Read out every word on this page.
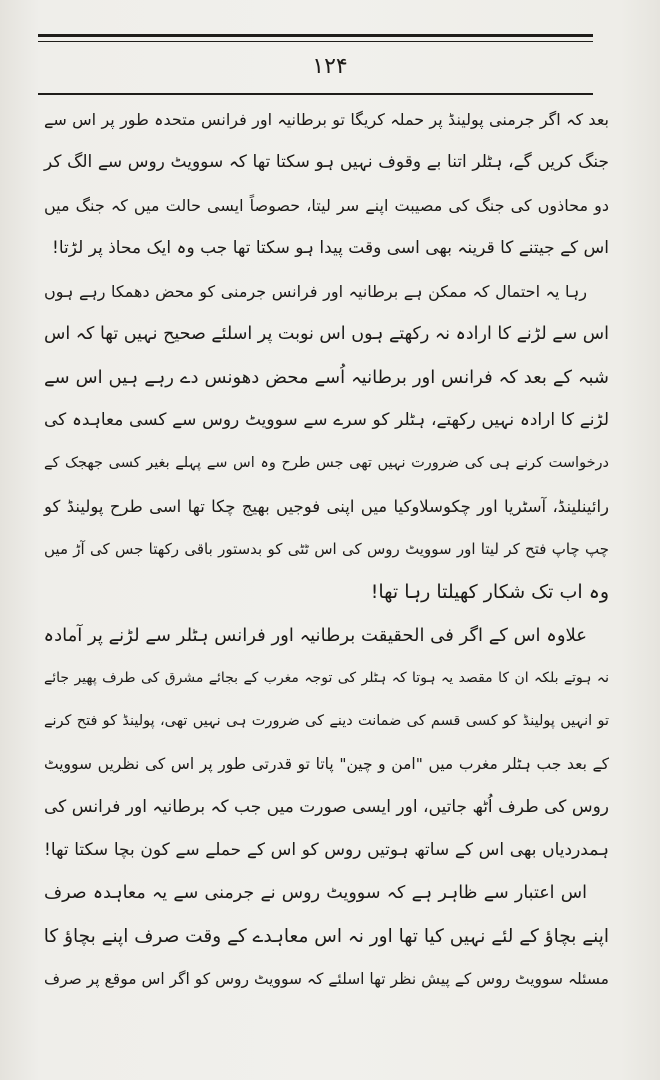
۱۲۴
بعد کہ اگر جرمنی پولینڈ پر حملہ کریگا تو برطانیہ اور فرانس متحدہ طور پر اس سے
جنگ کریں گے، ہٹلر اتنا بے وقوف نہیں ہو سکتا تھا کہ سوویٹ روس سے الگ کر
دو محاذوں کی جنگ کی مصیبت اپنے سر لیتا، حصوصاً ایسی حالت میں کہ جنگ میں
اس کے جیتنے کا قرینہ بھی اسی وقت پیدا ہو سکتا تھا جب وہ ایک محاذ پر لڑتا!
رہا یہ احتمال کہ ممکن ہے برطانیہ اور فرانس جرمنی کو محض دھمکا رہے ہوں
اس سے لڑنے کا ارادہ نہ رکھتے ہوں اس نوبت پر اسلئے صحیح نہیں تھا کہ اس
شبہ کے بعد کہ فرانس اور برطانیہ اُسے محض دھونس دے رہے ہیں اس سے
لڑنے کا ارادہ نہیں رکھتے، ہٹلر کو سرے سے سوویٹ روس سے کسی معاہدہ کی
درخواست کرنے ہی کی ضرورت نہیں تھی جس طرح وہ اس سے پہلے بغیر کسی جھجک کے
رائینلینڈ، آسٹریا اور چکوسلاوکیا میں اپنی فوجیں بھیج چکا تھا اسی طرح پولینڈ کو
چپ چاپ فتح کر لیتا اور سوویٹ روس کی اس ٹٹی کو بدستور باقی رکھتا جس کی آڑ میں
وہ اب تک شکار کھیلتا رہا تھا!
علاوہ اس کے اگر فی الحقیقت برطانیہ اور فرانس ہٹلر سے لڑنے پر آمادہ
نہ ہوتے بلکہ ان کا مقصد یہ ہوتا کہ ہٹلر کی توجہ مغرب کے بجائے مشرق کی طرف پھیر جائے
تو انہیں پولینڈ کو کسی قسم کی ضمانت دینے کی ضرورت ہی نہیں تھی، پولینڈ کو فتح کرنے
کے بعد جب ہٹلر مغرب میں "امن و چین" پاتا تو قدرتی طور پر اس کی نظریں سوویٹ
روس کی طرف اُٹھ جاتیں، اور ایسی صورت میں جب کہ برطانیہ اور فرانس کی
ہمدردیاں بھی اس کے ساتھ ہوتیں روس کو اس کے حملے سے کون بچا سکتا تھا!
اس اعتبار سے ظاہر ہے کہ سوویٹ روس نے جرمنی سے یہ معاہدہ صرف
اپنے بچاؤ کے لئے نہیں کیا تھا اور نہ اس معاہدے کے وقت صرف اپنے بچاؤ کا
مسئلہ سوویٹ روس کے پیش نظر تھا اسلئے کہ سوویٹ روس کو اگر اس موقع پر صرف
